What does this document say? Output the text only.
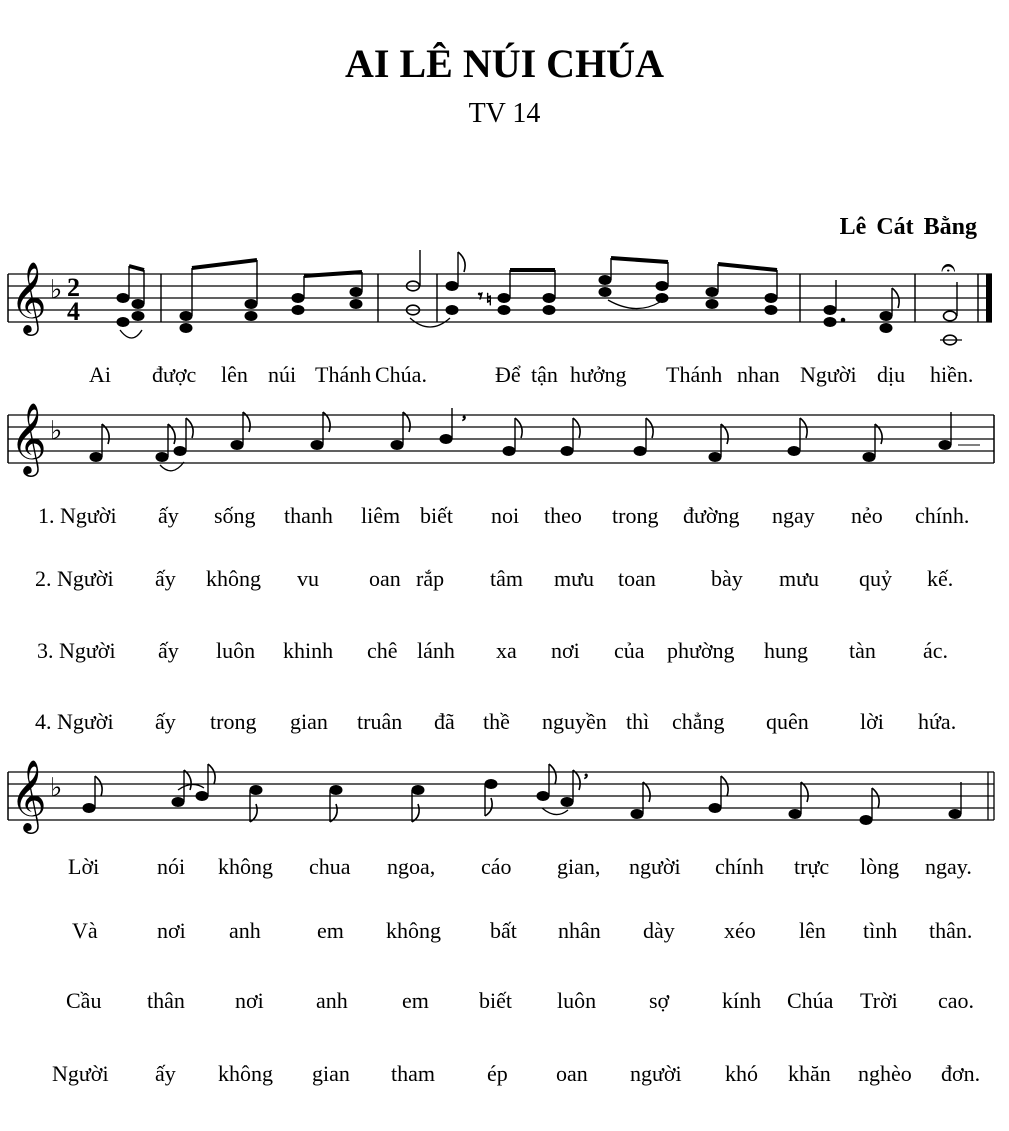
AI LÊ NÚI CHÚA
TV 14
Lê Cát Bằng
𝄞 ♭ 2
4
𝄾 ♮
𝄐
𝄞 ♭
,
𝄞 ♭
,
Ai được lên núi Thánh Chúa.	Để tận hưởng Thánh nhan Người dịu hiền.
1. Người ấy sống thanh liêm biết noi theo trong đường ngay nẻo chính.
2. Người ấy không vu oan rắp tâm mưu toan	bày mưu quỷ kế.
3. Người ấy luôn khinh chê lánh xa nơi của phường hung tàn ác.
4. Người ấy trong gian truân đã thề nguyền thì chẳng quên lời hứa.
Lời	nói không chua ngoa, cáo gian, người chính trực lòng ngay.
Và	nơi anh	em không bất nhân dày xéo lên tình thân.
Cầu thân nơi anh em biết luôn sợ kính Chúa Trời cao.
Người ấy không gian tham ép oan người khó khăn nghèo đơn.
